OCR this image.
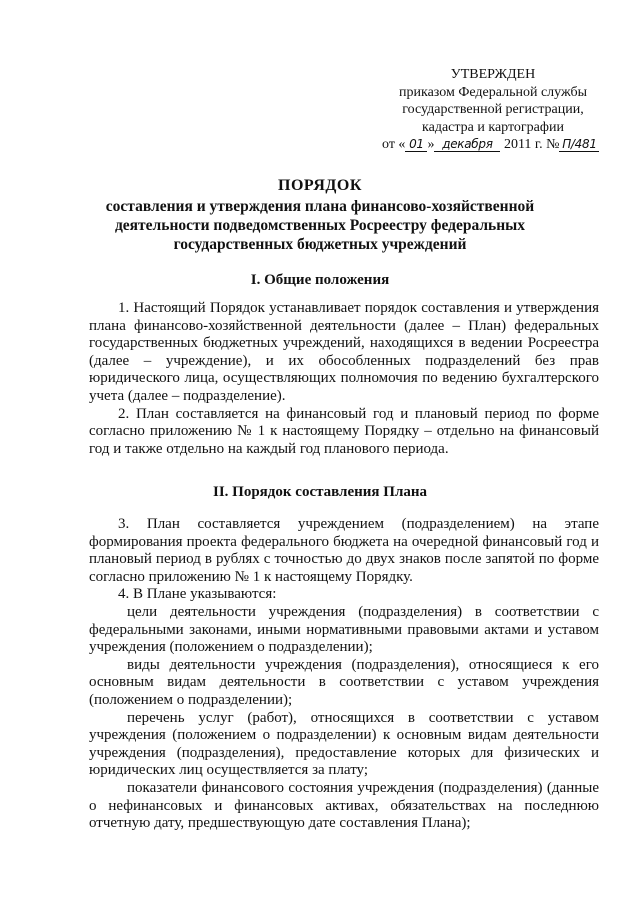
УТВЕРЖДЕН
приказом Федеральной службы
государственной регистрации,
кадастра и картографии
от « 01 » декабря 2011 г. № П/481
ПОРЯДОК
составления и утверждения плана финансово-хозяйственной
деятельности подведомственных Росреестру федеральных
государственных бюджетных учреждений
I. Общие положения

1. Настоящий Порядок устанавливает порядок составления и утверждения плана финансово-хозяйственной деятельности (далее – План) федеральных государственных бюджетных учреждений, находящихся в ведении Росреестра (далее – учреждение), и их обособленных подразделений без прав юридического лица, осуществляющих полномочия по ведению бухгалтерского учета (далее – подразделение).

2. План составляется на финансовый год и плановый период по форме согласно приложению № 1 к настоящему Порядку – отдельно на финансовый год и также отдельно на каждый год планового периода.

II. Порядок составления Плана

3. План составляется учреждением (подразделением) на этапе формирования проекта федерального бюджета на очередной финансовый год и плановый период в рублях с точностью до двух знаков после запятой по форме согласно приложению № 1 к настоящему Порядку.

4. В Плане указываются:

цели деятельности учреждения (подразделения) в соответствии с федеральными законами, иными нормативными правовыми актами и уставом учреждения (положением о подразделении);

виды деятельности учреждения (подразделения), относящиеся к его основным видам деятельности в соответствии с уставом учреждения (положением о подразделении);

перечень услуг (работ), относящихся в соответствии с уставом учреждения (положением о подразделении) к основным видам деятельности учреждения (подразделения), предоставление которых для физических и юридических лиц осуществляется за плату;

показатели финансового состояния учреждения (подразделения) (данные о нефинансовых и финансовых активах, обязательствах на последнюю отчетную дату, предшествующую дате составления Плана);
